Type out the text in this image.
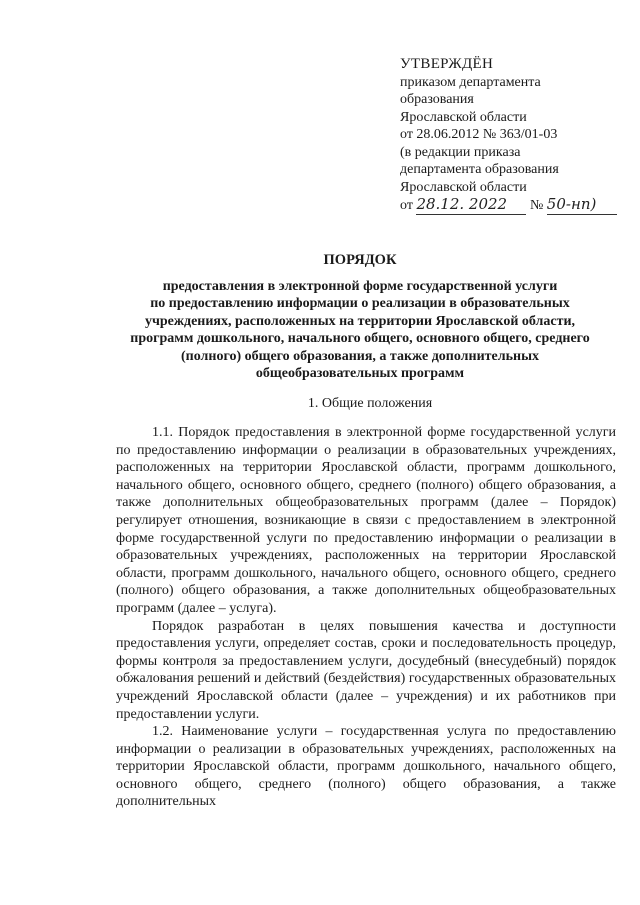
УТВЕРЖДЁН
приказом департамента
образования
Ярославской области
от 28.06.2012 № 363/01-03
(в редакции приказа
департамента образования
Ярославской области
от 28.12. 2022 № 50-нп)
ПОРЯДОК
предоставления в электронной форме государственной услуги
по предоставлению информации о реализации в образовательных
учреждениях, расположенных на территории Ярославской области,
программ дошкольного, начального общего, основного общего, среднего
(полного) общего образования, а также дополнительных
общеобразовательных программ
1. Общие положения

1.1. Порядок предоставления в электронной форме государственной услуги по предоставлению информации о реализации в образовательных учреждениях, расположенных на территории Ярославской области, программ дошкольного, начального общего, основного общего, среднего (полного) общего образования, а также дополнительных общеобразовательных программ (далее – Порядок) регулирует отношения, возникающие в связи с предоставлением в электронной форме государственной услуги по предоставлению информации о реализации в образовательных учреждениях, расположенных на территории Ярославской области, программ дошкольного, начального общего, основного общего, среднего (полного) общего образования, а также дополнительных общеобразовательных программ (далее – услуга).

Порядок разработан в целях повышения качества и доступности предоставления услуги, определяет состав, сроки и последовательность процедур, формы контроля за предоставлением услуги, досудебный (внесудебный) порядок обжалования решений и действий (бездействия) государственных образовательных учреждений Ярославской области (далее – учреждения) и их работников при предоставлении услуги.

1.2. Наименование услуги – государственная услуга по предоставлению информации о реализации в образовательных учреждениях, расположенных на территории Ярославской области, программ дошкольного, начального общего, основного общего, среднего (полного) общего образования, а также дополнительных
